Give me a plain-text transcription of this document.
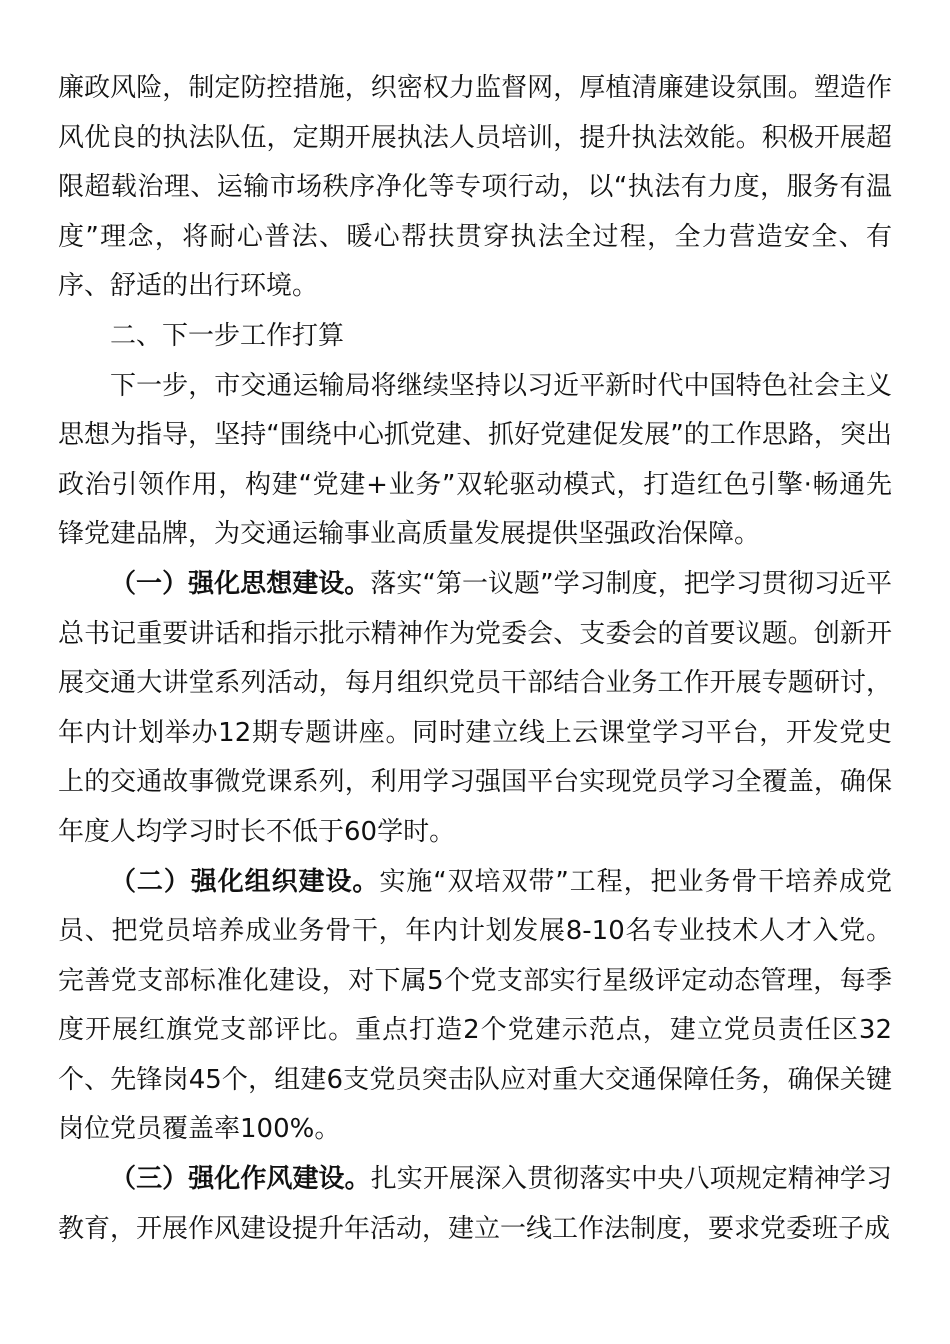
廉政风险，制定防控措施，织密权力监督网，厚植清廉建设氛围。塑造作风优良的执法队伍，定期开展执法人员培训，提升执法效能。积极开展超限超载治理、运输市场秩序净化等专项行动，以“执法有力度，服务有温度”理念，将耐心普法、暖心帮扶贯穿执法全过程，全力营造安全、有序、舒适的出行环境。

二、下一步工作打算

下一步，市交通运输局将继续坚持以习近平新时代中国特色社会主义思想为指导，坚持“围绕中心抓党建、抓好党建促发展”的工作思路，突出政治引领作用，构建“党建+业务”双轮驱动模式，打造红色引擎·畅通先锋党建品牌，为交通运输事业高质量发展提供坚强政治保障。

（一）强化思想建设。落实“第一议题”学习制度，把学习贯彻习近平总书记重要讲话和指示批示精神作为党委会、支委会的首要议题。创新开展交通大讲堂系列活动，每月组织党员干部结合业务工作开展专题研讨，年内计划举办12期专题讲座。同时建立线上云课堂学习平台，开发党史上的交通故事微党课系列，利用学习强国平台实现党员学习全覆盖，确保年度人均学习时长不低于60学时。

（二）强化组织建设。实施“双培双带”工程，把业务骨干培养成党员、把党员培养成业务骨干，年内计划发展8-10名专业技术人才入党。完善党支部标准化建设，对下属5个党支部实行星级评定动态管理，每季度开展红旗党支部评比。重点打造2个党建示范点，建立党员责任区32个、先锋岗45个，组建6支党员突击队应对重大交通保障任务，确保关键岗位党员覆盖率100%。

（三）强化作风建设。扎实开展深入贯彻落实中央八项规定精神学习教育，开展作风建设提升年活动，建立一线工作法制度，要求党委班子成
